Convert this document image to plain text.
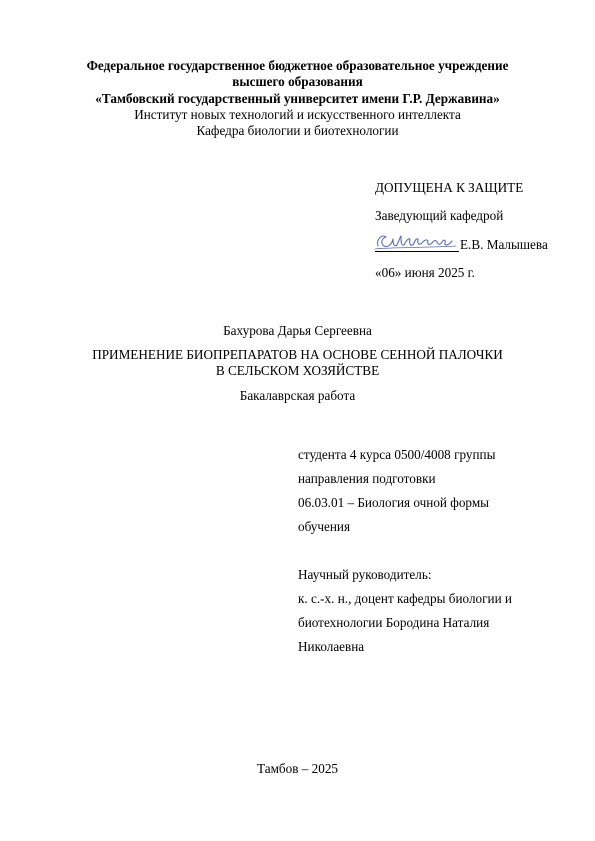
Федеральное государственное бюджетное образовательное учреждение
высшего образования
«Тамбовский государственный университет имени Г.Р. Державина»
Институт новых технологий и искусственного интеллекта
Кафедра биологии и биотехнологии
ДОПУЩЕНА К ЗАЩИТЕ
Заведующий кафедрой
Е.В. Малышева
«06» июня 2025 г.
Бахурова Дарья Сергеевна
ПРИМЕНЕНИЕ БИОПРЕПАРАТОВ НА ОСНОВЕ СЕННОЙ ПАЛОЧКИ
В СЕЛЬСКОМ ХОЗЯЙСТВЕ
Бакалаврская работа
студента 4 курса 0500/4008 группы
направления подготовки
06.03.01 – Биология очной формы
обучения
Научный руководитель:
к. с.-х. н., доцент кафедры биологии и
биотехнологии Бородина Наталия
Николаевна
Тамбов – 2025
